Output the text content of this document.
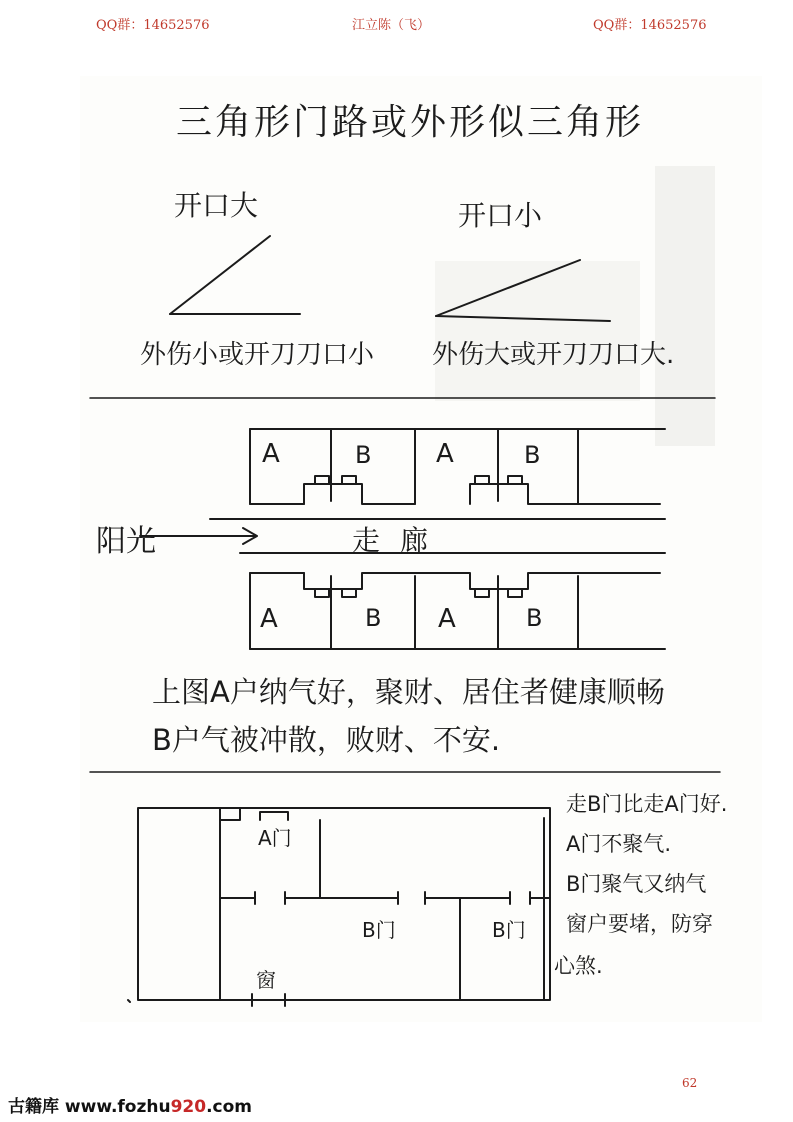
QQ群：14652576	江立陈（飞）	QQ群：14652576
三角形门路或外形似三角形
开口大	开口小
外伤小或开刀刀口小 外伤大或开刀刀口大.
A	B A	B
阳光	走廊
A	B A	B
上图A户纳气好，聚财、居住者健康顺畅
B户气被冲散，败财、不安.
A门
B门	B门
窗
走B门比走A门好.
A门不聚气.
B门聚气又纳气
窗户要堵，防穿
心煞.
古籍库 www.fozhu920.com
62
